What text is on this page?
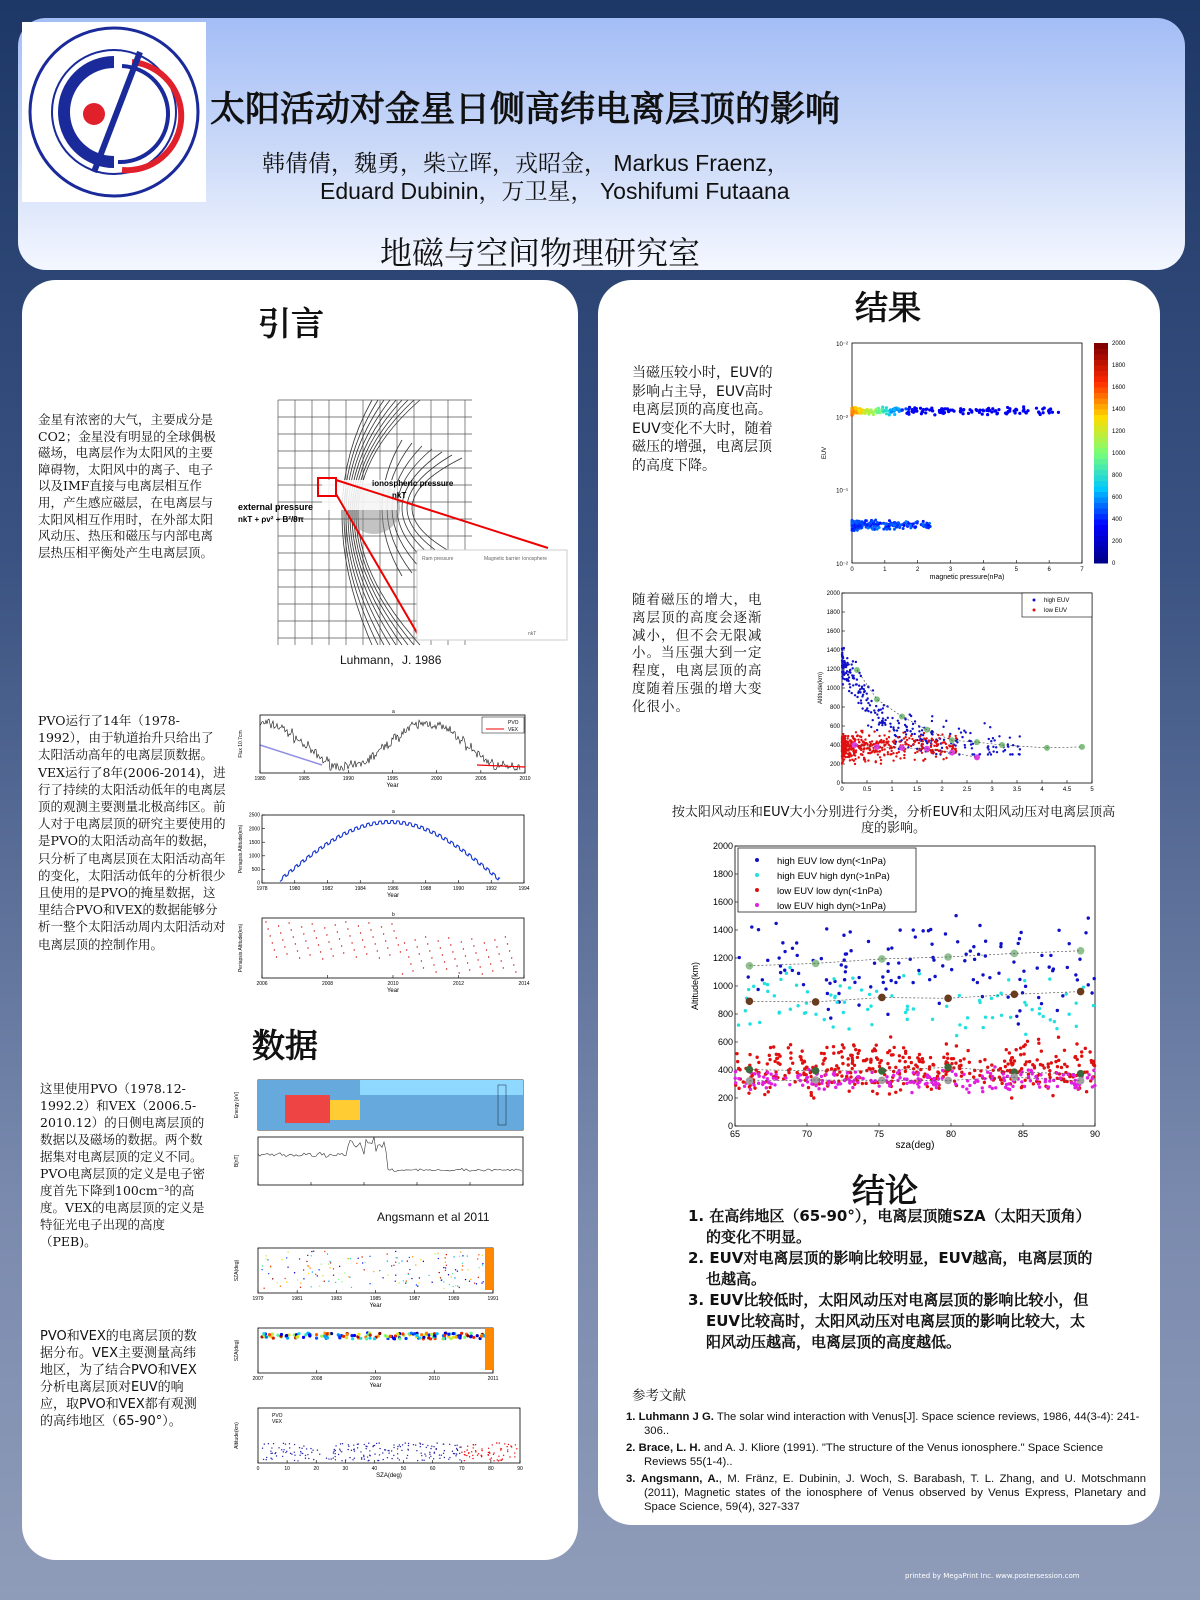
太阳活动对金星日侧高纬电离层顶的影响
韩倩倩，魏勇，柴立晖，戎昭金， Markus Fraenz，
Eduard Dubinin，万卫星， Yoshifumi Futaana
地磁与空间物理研究室
引言
金星有浓密的大气，主要成分是CO2；金星没有明显的全球偶极磁场，电离层作为太阳风的主要障碍物，太阳风中的离子、电子以及IMF直接与电离层相互作用，产生感应磁层，在电离层与太阳风相互作用时，在外部太阳风动压、热压和磁压与内部电离层热压相平衡处产生电离层顶。
external pressure
nkT + ρv² + B²/8π
ionospheric pressure
nkT
Ram pressure	Magnetic barrier Ionosphere
nkT
Luhmann，J. 1986
PVO运行了14年（1978-1992），由于轨道抬升只给出了太阳活动高年的电离层顶数据。VEX运行了8年(2006-2014)，进行了持续的太阳活动低年的电离层顶的观测主要测量北极高纬区。前人对于电离层顶的研究主要使用的是PVO的太阳活动高年的数据，只分析了电离层顶在太阳活动高年的变化，太阳活动低年的分析很少且使用的是PVO的掩星数据，这里结合PVO和VEX的数据能够分析一整个太阳活动周内太阳活动对电离层顶的控制作用。
1980	1985	1990	1995	2000	2005	2010
Year
Flux 10.7cm
a
PVO
VEX
1978	1980	1982	1984	1986	1988	1990	1992	1994
0
500
1000
1500
2000
2500
Year
Periapsis Altitude(km)
a
2006	2008	2010	2012	2014
Year
Periapsis Altitude(km)
b
数据
这里使用PVO（1978.12-1992.2）和VEX（2006.5-2010.12）的日侧电离层顶的数据以及磁场的数据。两个数据集对电离层顶的定义不同。PVO电离层顶的定义是电子密度首先下降到100cm⁻³的高度。VEX的电离层顶的定义是特征光电子出现的高度（PEB)。
Energy [eV]
B[nT]
Angsmann et al 2011
1979	1981	1983	1985	1987	1989	1991
Year
SZA(deg)
2007	2008	2009	2010	2011
Year
SZA(deg)
0	10	20	30	40	50	60	70	80	90
SZA(deg)
Altitude(km)
PVO
VEX
PVO和VEX的电离层顶的数据分布。VEX主要测量高纬地区，为了结合PVO和VEX分析电离层顶对EUV的响应，取PVO和VEX都有观测的高纬地区（65-90°）。
结果
当磁压较小时，EUV的影响占主导，EUV高时电离层顶的高度也高。EUV变化不大时，随着磁压的增强，电离层顶的高度下降。
0	1	2	3	4	5	6	7
magnetic pressure(nPa)
EUV
10⁻²
10⁻²
10⁻¹
10⁻²	0
200
400
600
800
1000
1200
1400
1600
1800
2000
随着磁压的增大，电离层顶的高度会逐渐减小，但不会无限减小。当压强大到一定程度，电离层顶的高度随着压强的增大变化很小。
0	0.5	1	1.5	2	2.5	3	3.5	4	4.5	5
0
200
400
600
800
1000
1200
1400
1600
1800
2000
Altitude(km)
high EUV
low EUV
按太阳风动压和EUV大小分别进行分类，分析EUV和太阳风动压对电离层顶高度的影响。
65	70	75	80	85	90
0
200
400
600
800
1000
1200
1400
1600
1800
2000
sza(deg)
Altitude(km)
high EUV low dyn(<1nPa)
high EUV high dyn(>1nPa)
low EUV low dyn(<1nPa)
low EUV high dyn(>1nPa)
结论
1. 在高纬地区（65-90°），电离层顶随SZA（太阳天顶角）的变化不明显。
2. EUV对电离层顶的影响比较明显，EUV越高，电离层顶的也越高。
3. EUV比较低时，太阳风动压对电离层顶的影响比较小，但EUV比较高时，太阳风动压对电离层顶的影响比较大，太阳风动压越高，电离层顶的高度越低。
参考文献
1. Luhmann J G. The solar wind interaction with Venus[J]. Space science reviews, 1986, 44(3-4): 241-306..
2. Brace, L. H. and A. J. Kliore (1991). "The structure of the Venus ionosphere." Space Science Reviews 55(1-4)..
3. Angsmann, A., M. Fränz, E. Dubinin, J. Woch, S. Barabash, T. L. Zhang, and U. Motschmann (2011), Magnetic states of the ionosphere of Venus observed by Venus Express, Planetary and Space Science, 59(4), 327-337
printed by MegaPrint Inc. www.postersession.com
